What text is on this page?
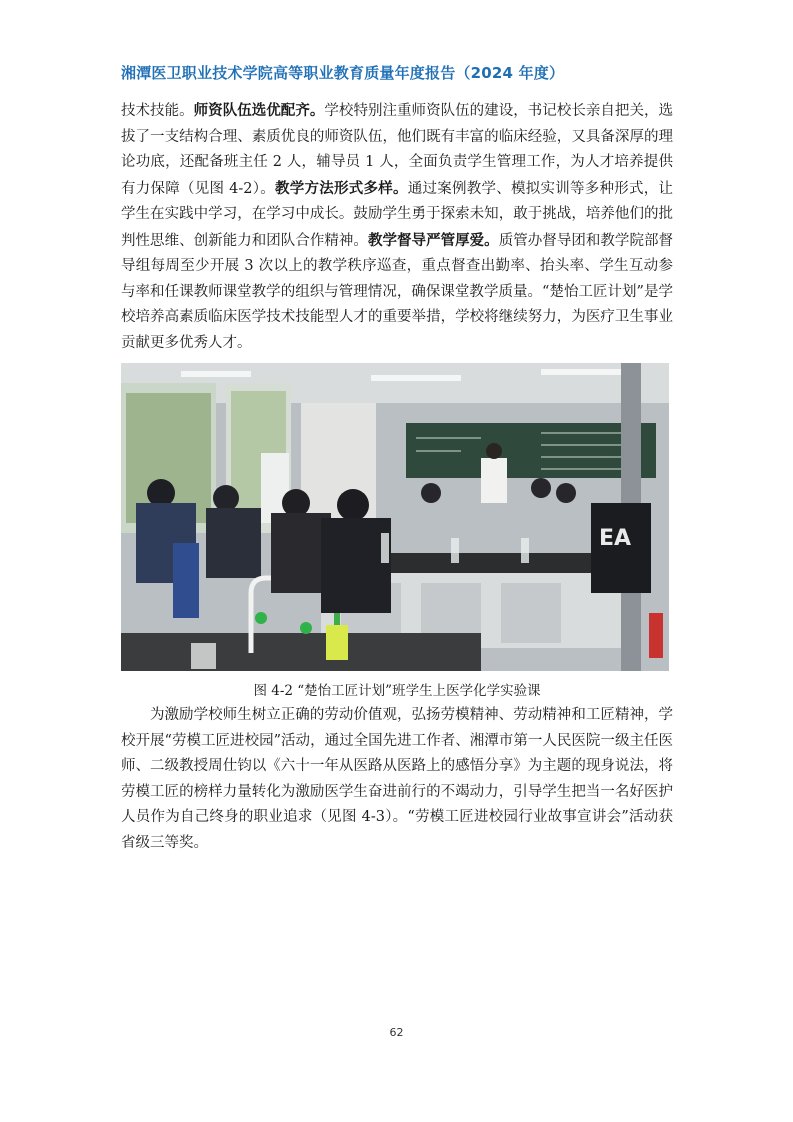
湘潭医卫职业技术学院高等职业教育质量年度报告（2024 年度）

技术技能。师资队伍选优配齐。学校特别注重师资队伍的建设，书记校长亲自把关，选拔了一支结构合理、素质优良的师资队伍，他们既有丰富的临床经验，又具备深厚的理论功底，还配备班主任 2 人，辅导员 1 人，全面负责学生管理工作，为人才培养提供有力保障（见图 4-2）。教学方法形式多样。通过案例教学、模拟实训等多种形式，让学生在实践中学习，在学习中成长。鼓励学生勇于探索未知，敢于挑战，培养他们的批判性思维、创新能力和团队合作精神。教学督导严管厚爱。质管办督导团和教学院部督导组每周至少开展 3 次以上的教学秩序巡查，重点督查出勤率、抬头率、学生互动参与率和任课教师课堂教学的组织与管理情况，确保课堂教学质量。“楚怡工匠计划”是学校培养高素质临床医学技术技能型人才的重要举措，学校将继续努力，为医疗卫生事业贡献更多优秀人才。

EA
图 4-2 “楚怡工匠计划”班学生上医学化学实验课

为激励学校师生树立正确的劳动价值观，弘扬劳模精神、劳动精神和工匠精神，学校开展“劳模工匠进校园”活动，通过全国先进工作者、湘潭市第一人民医院一级主任医师、二级教授周仕钧以《六十一年从医路从医路上的感悟分享》为主题的现身说法，将劳模工匠的榜样力量转化为激励医学生奋进前行的不竭动力，引导学生把当一名好医护人员作为自己终身的职业追求（见图 4-3）。“劳模工匠进校园行业故事宣讲会”活动获省级三等奖。

62
